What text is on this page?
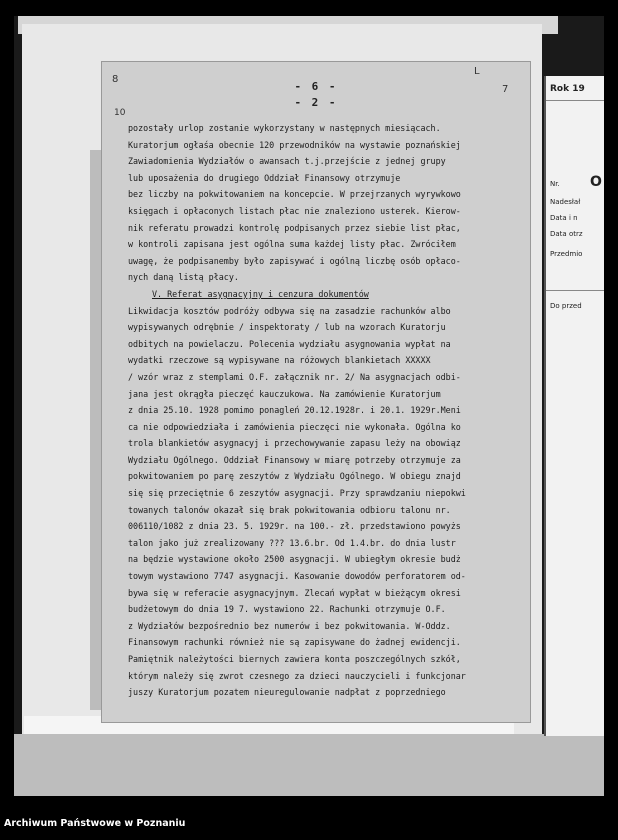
Rok 19
Nr. O
Nadesłał
Data i n
Data otrz
Przedmio
Do przed
8
10
L
7
- 6 -
- 2 -
pozostały urlop zostanie wykorzystany w następnych miesiącach.
Kuratorjum ogłaśa obecnie 120 przewodników na wystawie poznańskiej
Zawiadomienia Wydziałów o awansach t.j.przejście z jednej grupy
lub uposażenia do drugiego Oddział Finansowy otrzymuje
bez liczby na pokwitowaniem na koncepcie. W przejrzanych wyrywkowo
księgach i opłaconych listach płac nie znaleziono usterek. Kierow-
nik referatu prowadzi kontrolę podpisanych przez siebie list płac,
w kontroli zapisana jest ogólna suma każdej listy płac. Zwróciłem
uwagę, że podpisanemby było zapisywać i ogólną liczbę osób opłaco-
nych daną listą płacy.
V. Referat asygnacyjny i cenzura dokumentów
Likwidacja kosztów podróży odbywa się na zasadzie rachunków albo
wypisywanych odrębnie / inspektoraty / lub na wzorach Kuratorju
odbitych na powielaczu. Polecenia wydziału asygnowania wypłat na
wydatki rzeczowe są wypisywane na różowych blankietach XXXXX
/ wzór wraz z stemplami O.F. załącznik nr. 2/ Na asygnacjach odbi-
jana jest okrągła pieczęć kauczukowa. Na zamówienie Kuratorjum
z dnia 25.10. 1928 pomimo ponagleń 20.12.1928r. i 20.1. 1929r.Meni
ca nie odpowiedziała i zamówienia pieczęci nie wykonała. Ogólna ko
trola blankietów asygnacyj i przechowywanie zapasu leży na obowiąz
Wydziału Ogólnego. Oddział Finansowy w miarę potrzeby otrzymuje za
pokwitowaniem po parę zeszytów z Wydziału Ogólnego. W obiegu znajd
się się przeciętnie 6 zeszytów asygnacji. Przy sprawdzaniu niepokwi
towanych talonów okazał się brak pokwitowania odbioru talonu nr.
006110/1082 z dnia 23. 5. 1929r. na 100.- zł. przedstawiono powyżs
talon jako już zrealizowany ??? 13.6.br. Od 1.4.br. do dnia lustr
na będzie wystawione około 2500 asygnacji. W ubiegłym okresie budż
towym wystawiono 7747 asygnacji. Kasowanie dowodów perforatorem od-
bywa się w referacie asygnacyjnym. Zlecań wypłat w bieżącym okresi
budżetowym do dnia 19 7. wystawiono 22. Rachunki otrzymuje O.F.
z Wydziałów bezpośrednio bez numerów i bez pokwitowania. W-Oddz.
Finansowym rachunki również nie są zapisywane do żadnej ewidencji.
Pamiętnik należytości biernych zawiera konta poszczególnych szkół,
którym należy się zwrot czesnego za dzieci nauczycieli i funkcjonar
juszy Kuratorjum pozatem nieuregulowanie nadpłat z poprzedniego
Archiwum Państwowe w Poznaniu
